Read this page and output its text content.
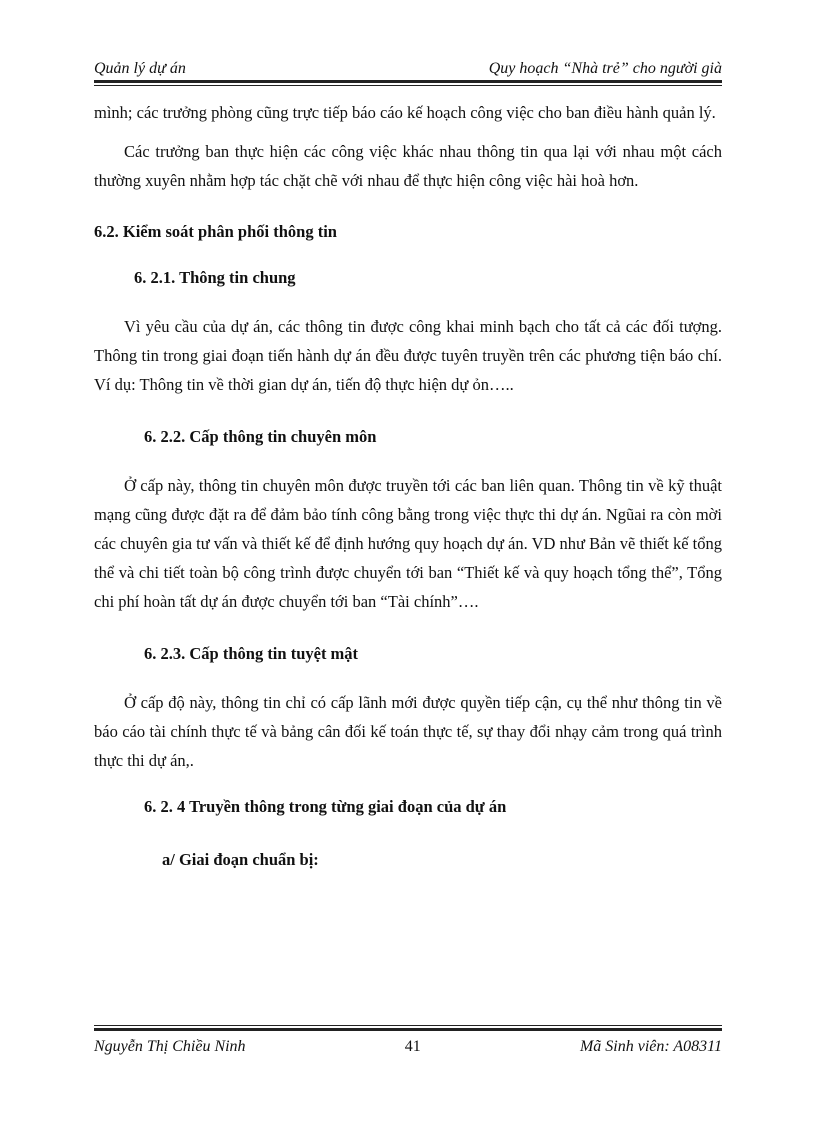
Quản lý dự án	Quy hoạch “Nhà trẻ” cho người già

mình; các trưởng phòng cũng trực tiếp báo cáo kế hoạch công việc cho ban điều hành quản lý.

Các trưởng ban thực hiện các công việc khác nhau thông tin qua lại với nhau một cách thường xuyên nhằm hợp tác chặt chẽ với nhau để thực hiện công việc hài hoà hơn.

6.2. Kiểm soát phân phối thông tin

6. 2.1. Thông tin chung

Vì yêu cầu của dự án, các thông tin được công khai minh bạch cho tất cả các đối tượng. Thông tin trong giai đoạn tiến hành dự án đều được tuyên truyền trên các phương tiện báo chí. Ví dụ: Thông tin về thời gian dự án, tiến độ thực hiện dự ỏn…..

6. 2.2. Cấp thông tin chuyên môn

Ở cấp này, thông tin chuyên môn được truyền tới các ban liên quan. Thông tin về kỹ thuật mạng cũng được đặt ra để đảm bảo tính công bằng trong việc thực thi dự án. Ngũai ra còn mời các chuyên gia tư vấn và thiết kế để định hướng quy hoạch dự án. VD như Bản vẽ thiết kế tổng thể và chi tiết toàn bộ công trình được chuyển tới ban “Thiết kế và quy hoạch tổng thể”, Tổng chi phí hoàn tất dự án được chuyển tới ban “Tài chính”….

6. 2.3. Cấp thông tin tuyệt mật

Ở cấp độ này, thông tin chỉ có cấp lãnh mới được quyền tiếp cận, cụ thể như thông tin về báo cáo tài chính thực tế và bảng cân đối kế toán thực tế, sự thay đổi nhạy cảm trong quá trình thực thi dự án,.

6. 2. 4 Truyền thông trong từng giai đoạn của dự án

a/ Giai đoạn chuẩn bị:

Nguyễn Thị Chiều Ninh	41	Mã Sinh viên: A08311
